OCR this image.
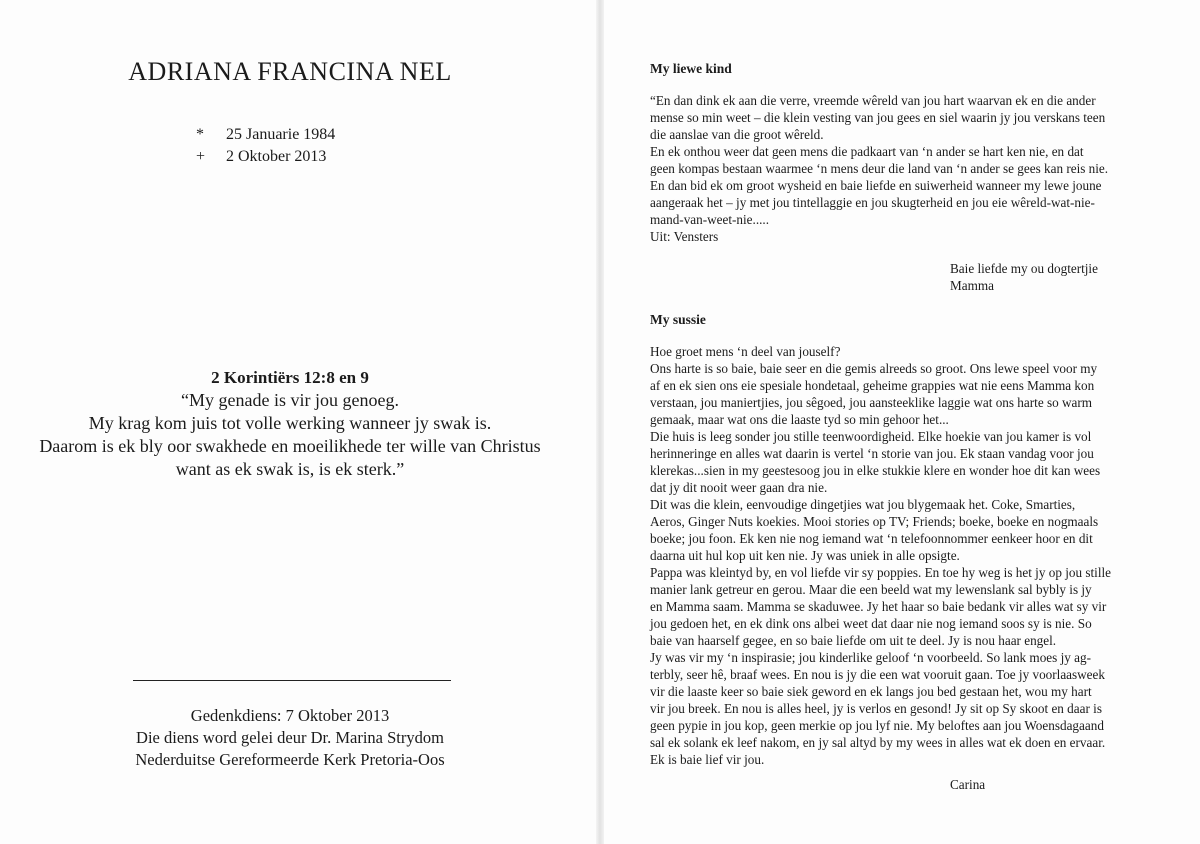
ADRIANA FRANCINA NEL
* 25 Januarie 1984
+ 2 Oktober 2013
2 Korintiërs 12:8 en 9
“My genade is vir jou genoeg.
My krag kom juis tot volle werking wanneer jy swak is.
Daarom is ek bly oor swakhede en moeilikhede ter wille van Christus
want as ek swak is, is ek sterk.”
Gedenkdiens: 7 Oktober 2013
Die diens word gelei deur Dr. Marina Strydom
Nederduitse Gereformeerde Kerk Pretoria-Oos
My liewe kind
“En dan dink ek aan die verre, vreemde wêreld van jou hart waarvan ek en die ander
mense so min weet – die klein vesting van jou gees en siel waarin jy jou verskans teen
die aanslae van die groot wêreld.
En ek onthou weer dat geen mens die padkaart van ‘n ander se hart ken nie, en dat
geen kompas bestaan waarmee ‘n mens deur die land van ‘n ander se gees kan reis nie.
En dan bid ek om groot wysheid en baie liefde en suiwerheid wanneer my lewe joune
aangeraak het – jy met jou tintellaggie en jou skugterheid en jou eie wêreld-wat-nie-
mand-van-weet-nie.....
Uit: Vensters
Baie liefde my ou dogtertjie
Mamma
My sussie
Hoe groet mens ‘n deel van jouself?
Ons harte is so baie, baie seer en die gemis alreeds so groot. Ons lewe speel voor my
af en ek sien ons eie spesiale hondetaal, geheime grappies wat nie eens Mamma kon
verstaan, jou maniertjies, jou sêgoed, jou aansteeklike laggie wat ons harte so warm
gemaak, maar wat ons die laaste tyd so min gehoor het...
Die huis is leeg sonder jou stille teenwoordigheid. Elke hoekie van jou kamer is vol
herinneringe en alles wat daarin is vertel ‘n storie van jou. Ek staan vandag voor jou
klerekas...sien in my geestesoog jou in elke stukkie klere en wonder hoe dit kan wees
dat jy dit nooit weer gaan dra nie.
Dit was die klein, eenvoudige dingetjies wat jou blygemaak het. Coke, Smarties,
Aeros, Ginger Nuts koekies. Mooi stories op TV; Friends; boeke, boeke en nogmaals
boeke; jou foon. Ek ken nie nog iemand wat ‘n telefoonnommer eenkeer hoor en dit
daarna uit hul kop uit ken nie. Jy was uniek in alle opsigte.
Pappa was kleintyd by, en vol liefde vir sy poppies. En toe hy weg is het jy op jou stille
manier lank getreur en gerou. Maar die een beeld wat my lewenslank sal bybly is jy
en Mamma saam. Mamma se skaduwee. Jy het haar so baie bedank vir alles wat sy vir
jou gedoen het, en ek dink ons albei weet dat daar nie nog iemand soos sy is nie. So
baie van haarself gegee, en so baie liefde om uit te deel. Jy is nou haar engel.
Jy was vir my ‘n inspirasie; jou kinderlike geloof ‘n voorbeeld. So lank moes jy ag-
terbly, seer hê, braaf wees. En nou is jy die een wat vooruit gaan. Toe jy voorlaasweek
vir die laaste keer so baie siek geword en ek langs jou bed gestaan het, wou my hart
vir jou breek. En nou is alles heel, jy is verlos en gesond! Jy sit op Sy skoot en daar is
geen pypie in jou kop, geen merkie op jou lyf nie. My beloftes aan jou Woensdagaand
sal ek solank ek leef nakom, en jy sal altyd by my wees in alles wat ek doen en ervaar.
Ek is baie lief vir jou.
Carina
